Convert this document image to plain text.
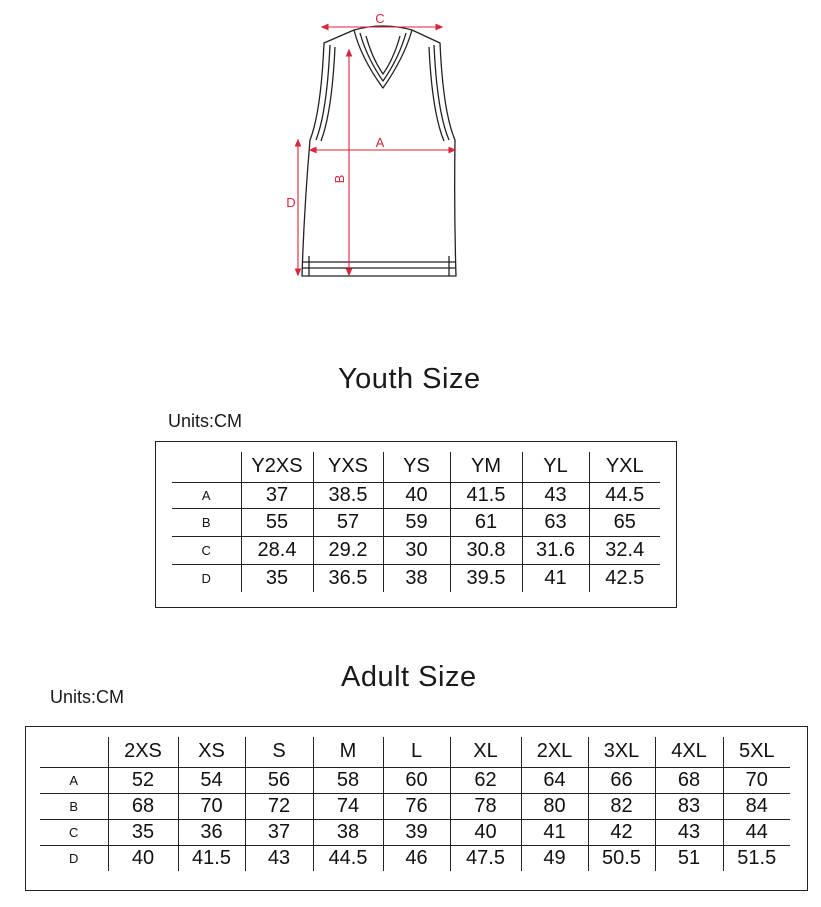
C
A
B
D
Youth Size
Units:CM
	Y2XS	YXS	YS	YM	YL	YXL
A	37	38.5	40	41.5	43	44.5
B	55	57	59	61	63	65
C	28.4	29.2	30	30.8	31.6	32.4
D	35	36.5	38	39.5	41	42.5
Adult Size
Units:CM
	2XS	XS	S	M	L	XL	2XL	3XL	4XL	5XL
A	52	54	56	58	60	62	64	66	68	70
B	68	70	72	74	76	78	80	82	83	84
C	35	36	37	38	39	40	41	42	43	44
D	40	41.5	43	44.5	46	47.5	49	50.5	51	51.5
